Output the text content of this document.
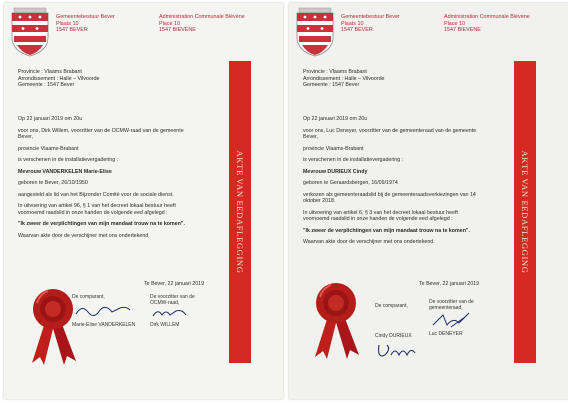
Gemeentebestuur Bever
Plaats 10
1547 BEVER
Administration Communale Biévène
Place 10
1547 BIEVENE
AKTE VAN EEDAFLEGGING

Provincie : Vlaams Brabant

Arrondissement : Halle – Vilvoorde

Gemeente : 1547 Bever

Op 22 januari 2019 om 20u

voor ons, Dirk Willem, voorzitter van de OCMW-raad van de gemeente

Bever,

provincie Vlaams-Brabant

is verschenen in de installatievergadering :

Mevrouw VANDERKELEN Marie-Elise

geboren te Bever, 26/10/1950

aangesteld als lid van het Bijzonder Comité voor de sociale dienst.

In uitvoering van artikel 96, § 1 van het decreet lokaal bestuur heeft

voornoemd raadslid in onze handen de volgende eed afgelegd :

"Ik zweer de verplichtingen van mijn mandaat trouw na te komen".

Waarvan akte door de verschijner met ons ondertekend.

Te Bever, 22 januari 2019

De comparant,
Marie-Elise VANDERKELEN
De voorzitter van de
OCMW-raad,
Dirk WILLEM
Gemeentebestuur Bever
Plaats 10
1547 BEVER
Administration Communale Biévène
Place 10
1547 BIEVENE
AKTE VAN EEDAFLEGGING

Provincie : Vlaams Brabant

Arrondissement : Halle – Vilvoorde

Gemeente : 1547 Bever

Op 22 januari 2019 om 20u

voor ons, Luc Deneyer, voorzitter van de gemeenteraad van de gemeente

Bever,

provincie Vlaams-Brabant

is verschenen in de installatievergadering :

Mevrouw DURIEUX Cindy

geboren te Geraardsbergen, 16/09/1974

verkozen als gemeenteraadslid bij de gemeenteraadsverkiezingen van 14

oktober 2018.

In uitvoering van artikel 6, § 3 van het decreet lokaal bestuur heeft

voornoemd raadslid in onze handen de volgende eed afgelegd :

"Ik zweer de verplichtingen van mijn mandaat trouw na te komen".

Waarvan akte door de verschijner met ons ondertekend.

Te Bever, 22 januari 2019

De comparant,
Cindy DURIEUX
De voorzitter van de
gemeenteraad,
Luc DENEYER
